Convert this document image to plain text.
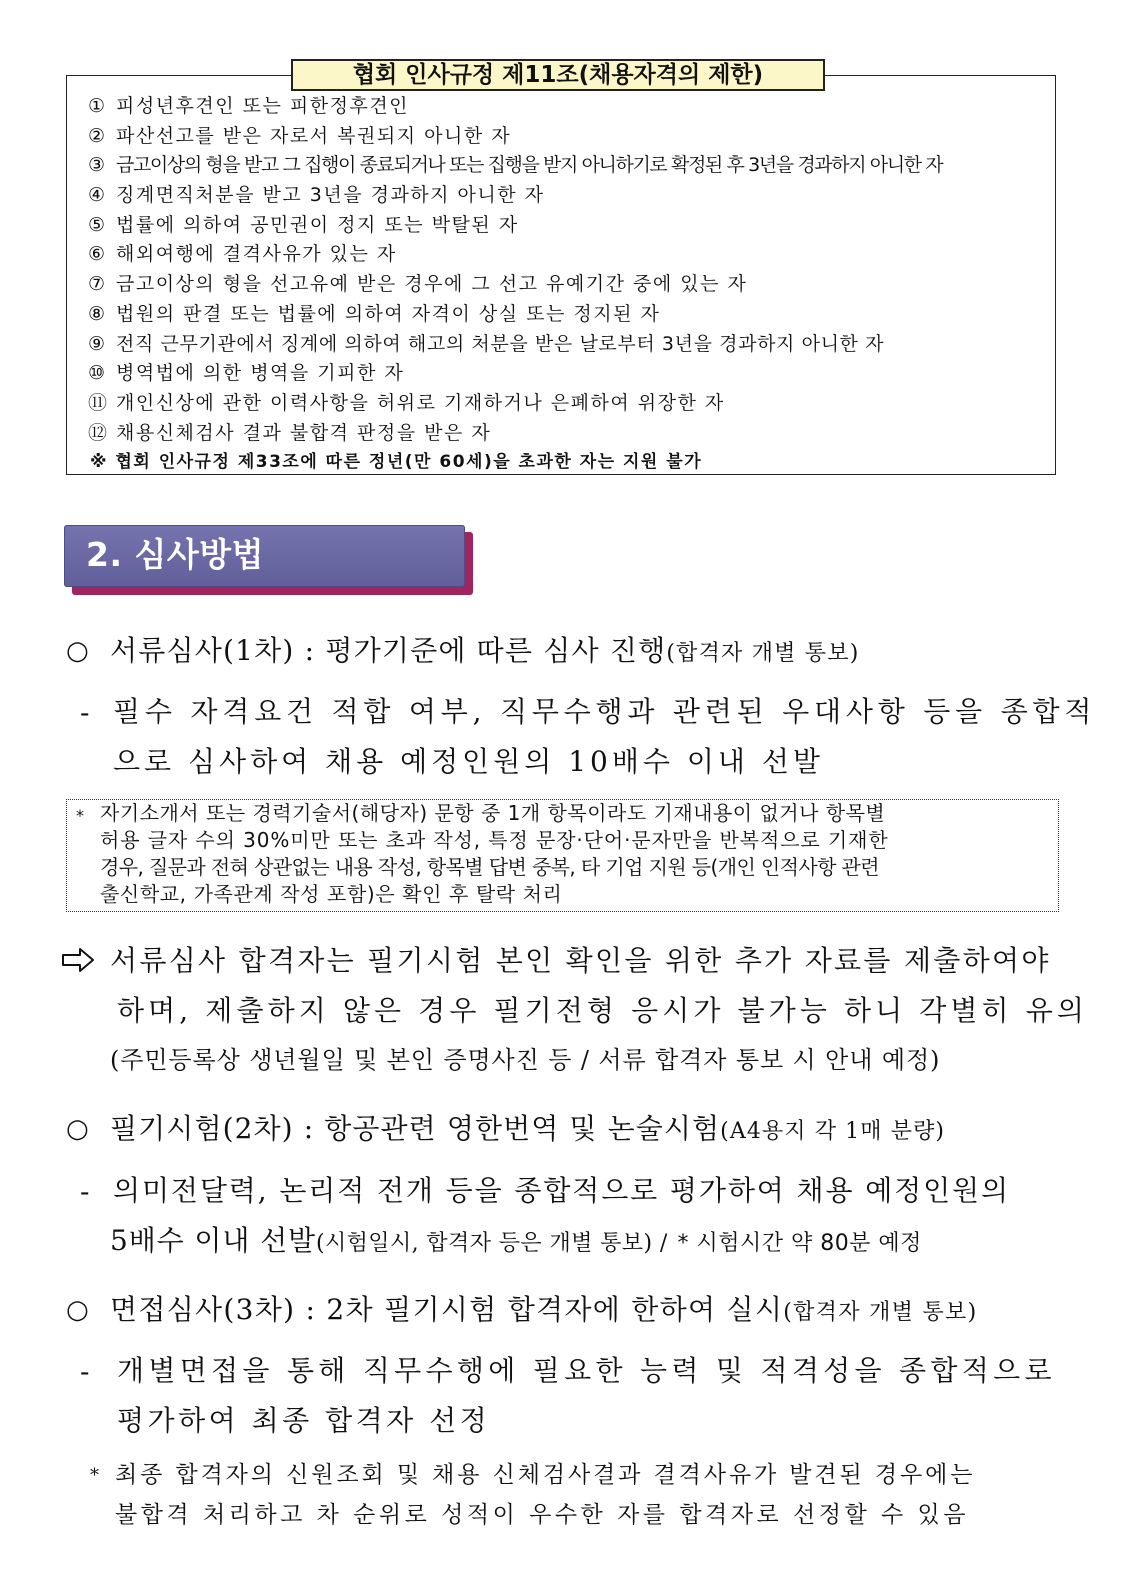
협회 인사규정 제11조(채용자격의 제한)
① 피성년후견인 또는 피한정후견인
② 파산선고를 받은 자로서 복권되지 아니한 자
③ 금고이상의 형을 받고 그 집행이 종료되거나 또는 집행을 받지 아니하기로 확정된 후 3년을 경과하지 아니한 자
④ 징계면직처분을 받고 3년을 경과하지 아니한 자
⑤ 법률에 의하여 공민권이 정지 또는 박탈된 자
⑥ 해외여행에 결격사유가 있는 자
⑦ 금고이상의 형을 선고유예 받은 경우에 그 선고 유예기간 중에 있는 자
⑧ 법원의 판결 또는 법률에 의하여 자격이 상실 또는 정지된 자
⑨ 전직 근무기관에서 징계에 의하여 해고의 처분을 받은 날로부터 3년을 경과하지 아니한 자
⑩ 병역법에 의한 병역을 기피한 자
⑪ 개인신상에 관한 이력사항을 허위로 기재하거나 은폐하여 위장한 자
⑫ 채용신체검사 결과 불합격 판정을 받은 자
※ 협회 인사규정 제33조에 따른 정년(만 60세)을 초과한 자는 지원 불가
2. 심사방법
○ 서류심사(1차) : 평가기준에 따른 심사 진행(합격자 개별 통보)
- 필수 자격요건 적합 여부, 직무수행과 관련된 우대사항 등을 종합적
으로 심사하여 채용 예정인원의 10배수 이내 선발
* 자기소개서 또는 경력기술서(해당자) 문항 중 1개 항목이라도 기재내용이 없거나 항목별
허용 글자 수의 30%미만 또는 초과 작성, 특정 문장·단어·문자만을 반복적으로 기재한
경우, 질문과 전혀 상관없는 내용 작성, 항목별 답변 중복, 타 기업 지원 등(개인 인적사항 관련
출신학교, 가족관계 작성 포함)은 확인 후 탈락 처리
서류심사 합격자는 필기시험 본인 확인을 위한 추가 자료를 제출하여야
하며, 제출하지 않은 경우 필기전형 응시가 불가능 하니 각별히 유의
(주민등록상 생년월일 및 본인 증명사진 등 / 서류 합격자 통보 시 안내 예정)
○ 필기시험(2차) : 항공관련 영한번역 및 논술시험(A4용지 각 1매 분량)
- 의미전달력, 논리적 전개 등을 종합적으로 평가하여 채용 예정인원의
5배수 이내 선발(시험일시, 합격자 등은 개별 통보) / * 시험시간 약 80분 예정
○ 면접심사(3차) : 2차 필기시험 합격자에 한하여 실시(합격자 개별 통보)
- 개별면접을 통해 직무수행에 필요한 능력 및 적격성을 종합적으로
평가하여 최종 합격자 선정
* 최종 합격자의 신원조회 및 채용 신체검사결과 결격사유가 발견된 경우에는
불합격 처리하고 차 순위로 성적이 우수한 자를 합격자로 선정할 수 있음
